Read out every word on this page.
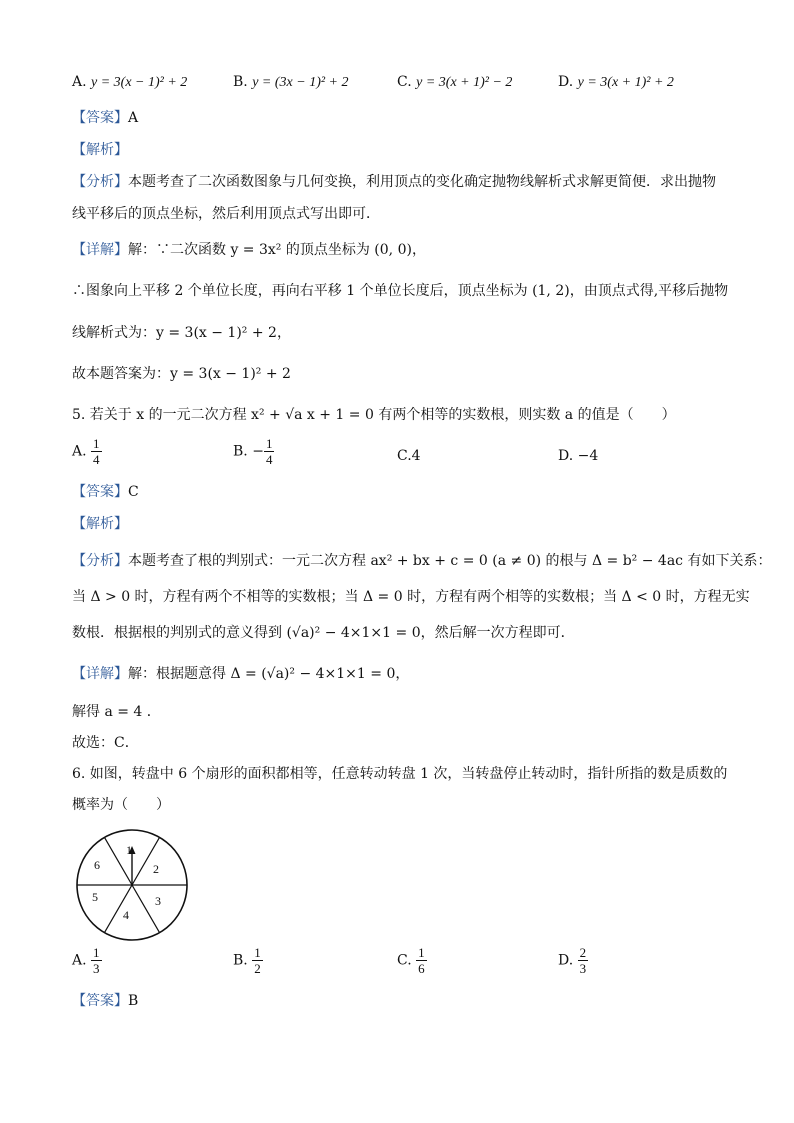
A. y = 3(x − 1)² + 2	B. y = (3x − 1)² + 2	C. y = 3(x + 1)² − 2	D. y = 3(x + 1)² + 2
【答案】A
【解析】
【分析】本题考查了二次函数图象与几何变换，利用顶点的变化确定抛物线解析式求解更简便．求出抛物
线平移后的顶点坐标，然后利用顶点式写出即可．
【详解】解：∵二次函数 y = 3x² 的顶点坐标为 (0, 0)，
∴图象向上平移 2 个单位长度，再向右平移 1 个单位长度后，顶点坐标为 (1, 2)，由顶点式得,平移后抛物
线解析式为：y = 3(x − 1)² + 2，
故本题答案为：y = 3(x − 1)² + 2
5. 若关于 x 的一元二次方程 x² + √a x + 1 = 0 有两个相等的实数根，则实数 a 的值是（　　）
A. $\frac{1}{4}$	B. − $\frac{1}{4}$	C.4	D. −4
【答案】C
【解析】
【分析】本题考查了根的判别式：一元二次方程 ax² + bx + c = 0 (a ≠ 0) 的根与 Δ = b² − 4ac 有如下关系：
当 Δ > 0 时，方程有两个不相等的实数根；当 Δ = 0 时，方程有两个相等的实数根；当 Δ < 0 时，方程无实
数根．根据根的判别式的意义得到 (√a)² − 4×1×1 = 0，然后解一次方程即可．
【详解】解：根据题意得 Δ = (√a)² − 4×1×1 = 0，
解得 a = 4 ．
故选：C．
6. 如图，转盘中 6 个扇形的面积都相等，任意转动转盘 1 次，当转盘停止转动时，指针所指的数是质数的
概率为（　　）
1
2
3
4
5
6
A. $\frac{1}{3}$	B. $\frac{1}{2}$	C. $\frac{1}{6}$	D. $\frac{2}{3}$
【答案】B
